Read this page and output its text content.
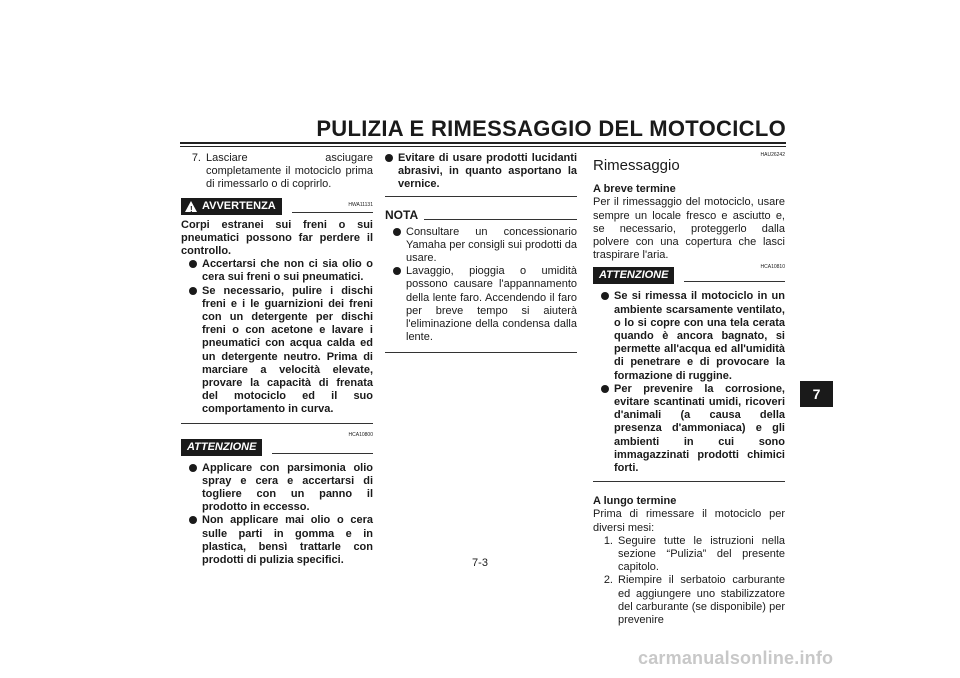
PULIZIA E RIMESSAGGIO DEL MOTOCICLO
7. Lasciare asciugare completamente il motociclo prima di rimessarlo o di coprirlo.
HWA11131
! AVVERTENZA
Corpi estranei sui freni o sui pneumatici possono far perdere il controllo.
Accertarsi che non ci sia olio o cera sui freni o sui pneumatici.
Se necessario, pulire i dischi freni e i le guarnizioni dei freni con un detergente per dischi freni o con acetone e lavare i pneumatici con acqua calda ed un detergente neutro. Prima di marciare a velocità elevate, provare la capacità di frenata del motociclo ed il suo comportamento in curva.
HCA10800
ATTENZIONE
Applicare con parsimonia olio spray e cera e accertarsi di togliere con un panno il prodotto in eccesso.
Non applicare mai olio o cera sulle parti in gomma e in plastica, bensì trattarle con prodotti di pulizia specifici.
Evitare di usare prodotti lucidanti abrasivi, in quanto asportano la vernice.
NOTA
Consultare un concessionario Yamaha per consigli sui prodotti da usare.
Lavaggio, pioggia o umidità possono causare l'appannamento della lente faro. Accendendo il faro per breve tempo si aiuterà l'eliminazione della condensa dalla lente.
HAU26242
Rimessaggio
A breve termine
Per il rimessaggio del motociclo, usare sempre un locale fresco e asciutto e, se necessario, proteggerlo dalla polvere con una copertura che lasci traspirare l'aria.
HCA10810
ATTENZIONE
Se si rimessa il motociclo in un ambiente scarsamente ventilato, o lo si copre con una tela cerata quando è ancora bagnato, si permette all'acqua ed all'umidità di penetrare e di provocare la formazione di ruggine.
Per prevenire la corrosione, evitare scantinati umidi, ricoveri d'animali (a causa della presenza d'ammoniaca) e gli ambienti in cui sono immagazzinati prodotti chimici forti.
A lungo termine
Prima di rimessare il motociclo per diversi mesi:
1. Seguire tutte le istruzioni nella sezione “Pulizia” del presente capitolo.
2. Riempire il serbatoio carburante ed aggiungere uno stabilizzatore del carburante (se disponibile) per prevenire
7
7-3
carmanualsonline.info
